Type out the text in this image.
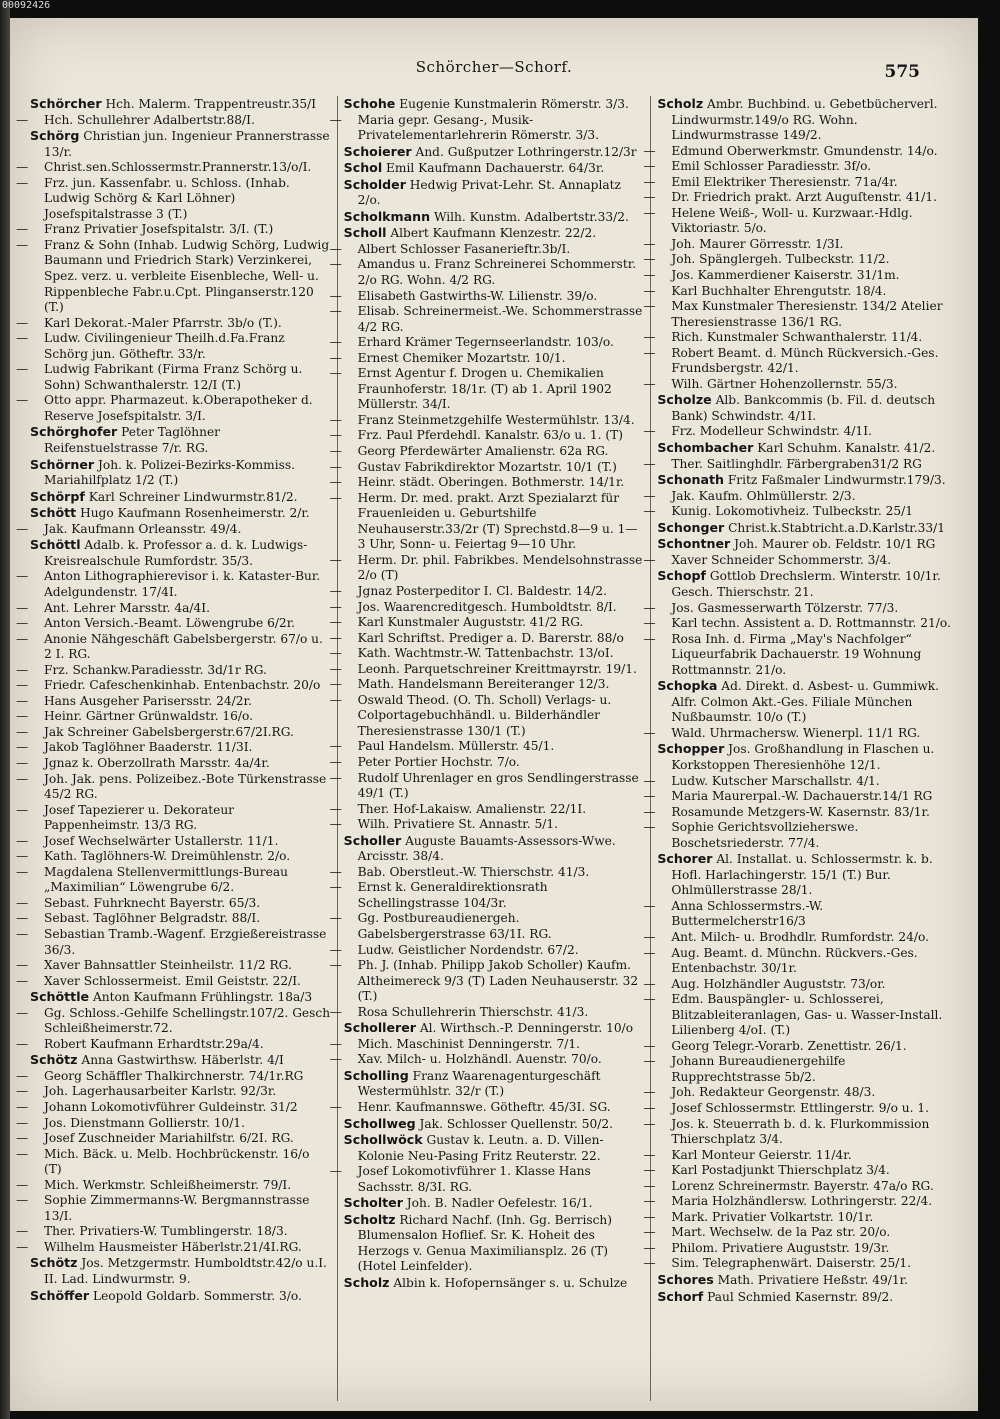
00092426
Schörcher—Schorf.	575
Schörcher Hch. Malerm. Trappentreustr.35/I
— Hch. Schullehrer Adalbertstr.88/I.
Schörg Christian jun. Ingenieur Prannerstrasse 13/r.
— Christ.sen.Schlossermstr.Prannerstr.13/o/I.
— Frz. jun. Kassenfabr. u. Schloss. (Inhab. Ludwig Schörg & Karl Löhner) Josefspitalstrasse 3 (T.)
— Franz Privatier Josefspitalstr. 3/I. (T.)
— Franz & Sohn (Inhab. Ludwig Schörg, Ludwig Baumann und Friedrich Stark) Verzinkerei, Spez. verz. u. verbleite Eisenbleche, Well- u. Rippenbleche Fabr.u.Cpt. Plinganserstr.120 (T.)
— Karl Dekorat.-Maler Pfarrstr. 3b/o (T.).
— Ludw. Civilingenieur Theilh.d.Fa.Franz Schörg jun. Götheftr. 33/r.
— Ludwig Fabrikant (Firma Franz Schörg u. Sohn) Schwanthalerstr. 12/I (T.)
— Otto appr. Pharmazeut. k.Oberapotheker d. Reserve Josefspitalstr. 3/I.
Schörghofer Peter Taglöhner Reifenstuelstrasse 7/r. RG.
Schörner Joh. k. Polizei-Bezirks-Kommiss. Mariahilfplatz 1/2 (T.)
Schörpf Karl Schreiner Lindwurmstr.81/2.
Schött Hugo Kaufmann Rosenheimerstr. 2/r.
— Jak. Kaufmann Orleansstr. 49/4.
Schöttl Adalb. k. Professor a. d. k. Ludwigs-Kreisrealschule Rumfordstr. 35/3.
— Anton Lithographierevisor i. k. Kataster-Bur. Adelgundenstr. 17/4I.
— Ant. Lehrer Marsstr. 4a/4I.
— Anton Versich.-Beamt. Löwengrube 6/2r.
— Anonie Nähgeschäft Gabelsbergerstr. 67/o u. 2 I. RG.
— Frz. Schankw.Paradiesstr. 3d/1r RG.
— Friedr. Cafeschenkinhab. Entenbachstr. 20/o
— Hans Ausgeher Parisersstr. 24/2r.
— Heinr. Gärtner Grünwaldstr. 16/o.
— Jak Schreiner Gabelsbergerstr.67/2I.RG.
— Jakob Taglöhner Baaderstr. 11/3I.
— Jgnaz k. Oberzollrath Marsstr. 4a/4r.
— Joh. Jak. pens. Polizeibez.-Bote Türkenstrasse 45/2 RG.
— Josef Tapezierer u. Dekorateur Pappenheimstr. 13/3 RG.
— Josef Wechselwärter Ustallerstr. 11/1.
— Kath. Taglöhners-W. Dreimühlenstr. 2/o.
— Magdalena Stellenvermittlungs-Bureau „Maximilian“ Löwengrube 6/2.
— Sebast. Fuhrknecht Bayerstr. 65/3.
— Sebast. Taglöhner Belgradstr. 88/I.
— Sebastian Tramb.-Wagenf. Erzgießereistrasse 36/3.
— Xaver Bahnsattler Steinheilstr. 11/2 RG.
— Xaver Schlossermeist. Emil Geiststr. 22/I.
Schöttle Anton Kaufmann Frühlingstr. 18a/3
— Gg. Schloss.-Gehilfe Schellingstr.107/2. Gesch Schleißheimerstr.72.
— Robert Kaufmann Erhardtstr.29a/4.
Schötz Anna Gastwirthsw. Häberlstr. 4/I
— Georg Schäffler Thalkirchnerstr. 74/1r.RG
— Joh. Lagerhausarbeiter Karlstr. 92/3r.
— Johann Lokomotivführer Guldeinstr. 31/2
— Jos. Dienstmann Gollierstr. 10/1.
— Josef Zuschneider Mariahilfstr. 6/2I. RG.
— Mich. Bäck. u. Melb. Hochbrückenstr. 16/o (T)
— Mich. Werkmstr. Schleißheimerstr. 79/I.
— Sophie Zimmermanns-W. Bergmannstrasse 13/I.
— Ther. Privatiers-W. Tumblingerstr. 18/3.
— Wilhelm Hausmeister Häberlstr.21/4I.RG.
Schötz Jos. Metzgermstr. Humboldtstr.42/o u.I. II. Lad. Lindwurmstr. 9.
Schöffer Leopold Goldarb. Sommerstr. 3/o.
Schohe Eugenie Kunstmalerin Römerstr. 3/3.
— Maria gepr. Gesang-, Musik-Privatelementarlehrerin Römerstr. 3/3.
Schoierer And. Gußputzer Lothringerstr.12/3r
Schol Emil Kaufmann Dachauerstr. 64/3r.
Scholder Hedwig Privat-Lehr. St. Annaplatz 2/o.
Scholkmann Wilh. Kunstm. Adalbertstr.33/2.
Scholl Albert Kaufmann Klenzestr. 22/2.
— Albert Schlosser Fasanerieftr.3b/I.
— Amandus u. Franz Schreinerei Schommerstr. 2/o RG. Wohn. 4/2 RG.
— Elisabeth Gastwirths-W. Lilienstr. 39/o.
— Elisab. Schreinermeist.-We. Schommerstrasse 4/2 RG.
— Erhard Krämer Tegernseerlandstr. 103/o.
— Ernest Chemiker Mozartstr. 10/1.
— Ernst Agentur f. Drogen u. Chemikalien Fraunhoferstr. 18/1r. (T) ab 1. April 1902 Müllerstr. 34/I.
— Franz Steinmetzgehilfe Westermühlstr. 13/4.
— Frz. Paul Pferdehdl. Kanalstr. 63/o u. 1. (T)
— Georg Pferdewärter Amalienstr. 62a RG.
— Gustav Fabrikdirektor Mozartstr. 10/1 (T.)
— Heinr. städt. Oberingen. Bothmerstr. 14/1r.
— Herm. Dr. med. prakt. Arzt Spezialarzt für Frauenleiden u. Geburtshilfe Neuhauserstr.33/2r (T) Sprechstd.8—9 u. 1—3 Uhr, Sonn- u. Feiertag 9—10 Uhr.
— Herm. Dr. phil. Fabrikbes. Mendelsohnstrasse 2/o (T)
— Jgnaz Posterpeditor I. Cl. Baldestr. 14/2.
— Jos. Waarencreditgesch. Humboldtstr. 8/I.
— Karl Kunstmaler Auguststr. 41/2 RG.
— Karl Schriftst. Prediger a. D. Barerstr. 88/o
— Kath. Wachtmstr.-W. Tattenbachstr. 13/oI.
— Leonh. Parquetschreiner Kreittmayrstr. 19/1.
— Math. Handelsmann Bereiteranger 12/3.
— Oswald Theod. (O. Th. Scholl) Verlags- u. Colportagebuchhändl. u. Bilderhändler Theresienstrasse 130/1 (T.)
— Paul Handelsm. Müllerstr. 45/1.
— Peter Portier Hochstr. 7/o.
— Rudolf Uhrenlager en gros Sendlingerstrasse 49/1 (T.)
— Ther. Hof-Lakaisw. Amalienstr. 22/1I.
— Wilh. Privatiere St. Annastr. 5/1.
Scholler Auguste Bauamts-Assessors-Wwe. Arcisstr. 38/4.
— Bab. Oberstleut.-W. Thierschstr. 41/3.
— Ernst k. Generaldirektionsrath Schellingstrasse 104/3r.
— Gg. Postbureaudienergeh. Gabelsbergerstrasse 63/1I. RG.
— Ludw. Geistlicher Nordendstr. 67/2.
— Ph. J. (Inhab. Philipp Jakob Scholler) Kaufm. Altheimereck 9/3 (T) Laden Neuhauserstr. 32 (T.)
— Rosa Schullehrerin Thierschstr. 41/3.
Schollerer Al. Wirthsch.-P. Denningerstr. 10/o
— Mich. Maschinist Denningerstr. 7/1.
— Xav. Milch- u. Holzhändl. Auenstr. 70/o.
Scholling Franz Waarenagenturgeschäft Westermühlstr. 32/r (T.)
— Henr. Kaufmannswe. Götheftr. 45/3I. SG.
Schollweg Jak. Schlosser Quellenstr. 50/2.
Schollwöck Gustav k. Leutn. a. D. Villen-Kolonie Neu-Pasing Fritz Reuterstr. 22.
— Josef Lokomotivführer 1. Klasse Hans Sachsstr. 8/3I. RG.
Scholter Joh. B. Nadler Oefelestr. 16/1.
Scholtz Richard Nachf. (Inh. Gg. Berrisch) Blumensalon Hoflief. Sr. K. Hoheit des Herzogs v. Genua Maximiliansplz. 26 (T) (Hotel Leinfelder).
Scholz Albin k. Hofopernsänger s. u. Schulze
Scholz Ambr. Buchbind. u. Gebetbücherverl. Lindwurmstr.149/o RG. Wohn. Lindwurmstrasse 149/2.
— Edmund Oberwerkmstr. Gmundenstr. 14/o.
— Emil Schlosser Paradiesstr. 3f/o.
— Emil Elektriker Theresienstr. 71a/4r.
— Dr. Friedrich prakt. Arzt Auguſtenstr. 41/1.
— Helene Weiß-, Woll- u. Kurzwaar.-Hdlg. Viktoriastr. 5/o.
— Joh. Maurer Görresstr. 1/3I.
— Joh. Spänglergeh. Tulbeckstr. 11/2.
— Jos. Kammerdiener Kaiserstr. 31/1m.
— Karl Buchhalter Ehrengutstr. 18/4.
— Max Kunstmaler Theresienstr. 134/2 Atelier Theresienstrasse 136/1 RG.
— Rich. Kunstmaler Schwanthalerstr. 11/4.
— Robert Beamt. d. Münch Rückversich.-Ges. Frundsbergstr. 42/1.
— Wilh. Gärtner Hohenzollernstr. 55/3.
Scholze Alb. Bankcommis (b. Fil. d. deutsch Bank) Schwindstr. 4/1I.
— Frz. Modelleur Schwindstr. 4/1I.
Schombacher Karl Schuhm. Kanalstr. 41/2.
— Ther. Saitlinghdlr. Färbergraben31/2 RG
Schonath Fritz Faßmaler Lindwurmstr.179/3.
— Jak. Kaufm. Ohlmüllerstr. 2/3.
— Kunig. Lokomotivheiz. Tulbeckstr. 25/1
Schonger Christ.k.Stabtricht.a.D.Karlstr.33/1
Schontner Joh. Maurer ob. Feldstr. 10/1 RG
— Xaver Schneider Schommerstr. 3/4.
Schopf Gottlob Drechslerm. Winterstr. 10/1r. Gesch. Thierschstr. 21.
— Jos. Gasmesserwarth Tölzerstr. 77/3.
— Karl techn. Assistent a. D. Rottmannstr. 21/o.
— Rosa Inh. d. Firma „May's Nachfolger“ Liqueurfabrik Dachauerstr. 19 Wohnung Rottmannstr. 21/o.
Schopka Ad. Direkt. d. Asbest- u. Gummiwk. Alfr. Colmon Akt.-Ges. Filiale München Nußbaumstr. 10/o (T.)
— Wald. Uhrmachersw. Wienerpl. 11/1 RG.
Schopper Jos. Großhandlung in Flaschen u. Korkstoppen Theresienhöhe 12/1.
— Ludw. Kutscher Marschallstr. 4/1.
— Maria Maurerpal.-W. Dachauerstr.14/1 RG
— Rosamunde Metzgers-W. Kasernstr. 83/1r.
— Sophie Gerichtsvollzieherswe. Boschetsriederstr. 77/4.
Schorer Al. Installat. u. Schlossermstr. k. b. Hofl. Harlachingerstr. 15/1 (T.) Bur. Ohlmüllerstrasse 28/1.
— Anna Schlossermstrs.-W. Buttermelcherstr16/3
— Ant. Milch- u. Brodhdlr. Rumfordstr. 24/o.
— Aug. Beamt. d. Münchn. Rückvers.-Ges. Entenbachstr. 30/1r.
— Aug. Holzhändler Auguststr. 73/or.
— Edm. Bauspängler- u. Schlosserei, Blitzableiteranlagen, Gas- u. Wasser-Install. Lilienberg 4/oI. (T.)
— Georg Telegr.-Vorarb. Zenettistr. 26/1.
— Johann Bureaudienergehilfe Rupprechtstrasse 5b/2.
— Joh. Redakteur Georgenstr. 48/3.
— Josef Schlossermstr. Ettlingerstr. 9/o u. 1.
— Jos. k. Steuerrath b. d. k. Flurkommission Thierschplatz 3/4.
— Karl Monteur Geierstr. 11/4r.
— Karl Postadjunkt Thierschplatz 3/4.
— Lorenz Schreinermstr. Bayerstr. 47a/o RG.
— Maria Holzhändlersw. Lothringerstr. 22/4.
— Mark. Privatier Volkartstr. 10/1r.
— Mart. Wechselw. de la Paz str. 20/o.
— Philom. Privatiere Auguststr. 19/3r.
— Sim. Telegraphenwärt. Daiserstr. 25/1.
Schores Math. Privatiere Heßstr. 49/1r.
Schorf Paul Schmied Kasernstr. 89/2.
